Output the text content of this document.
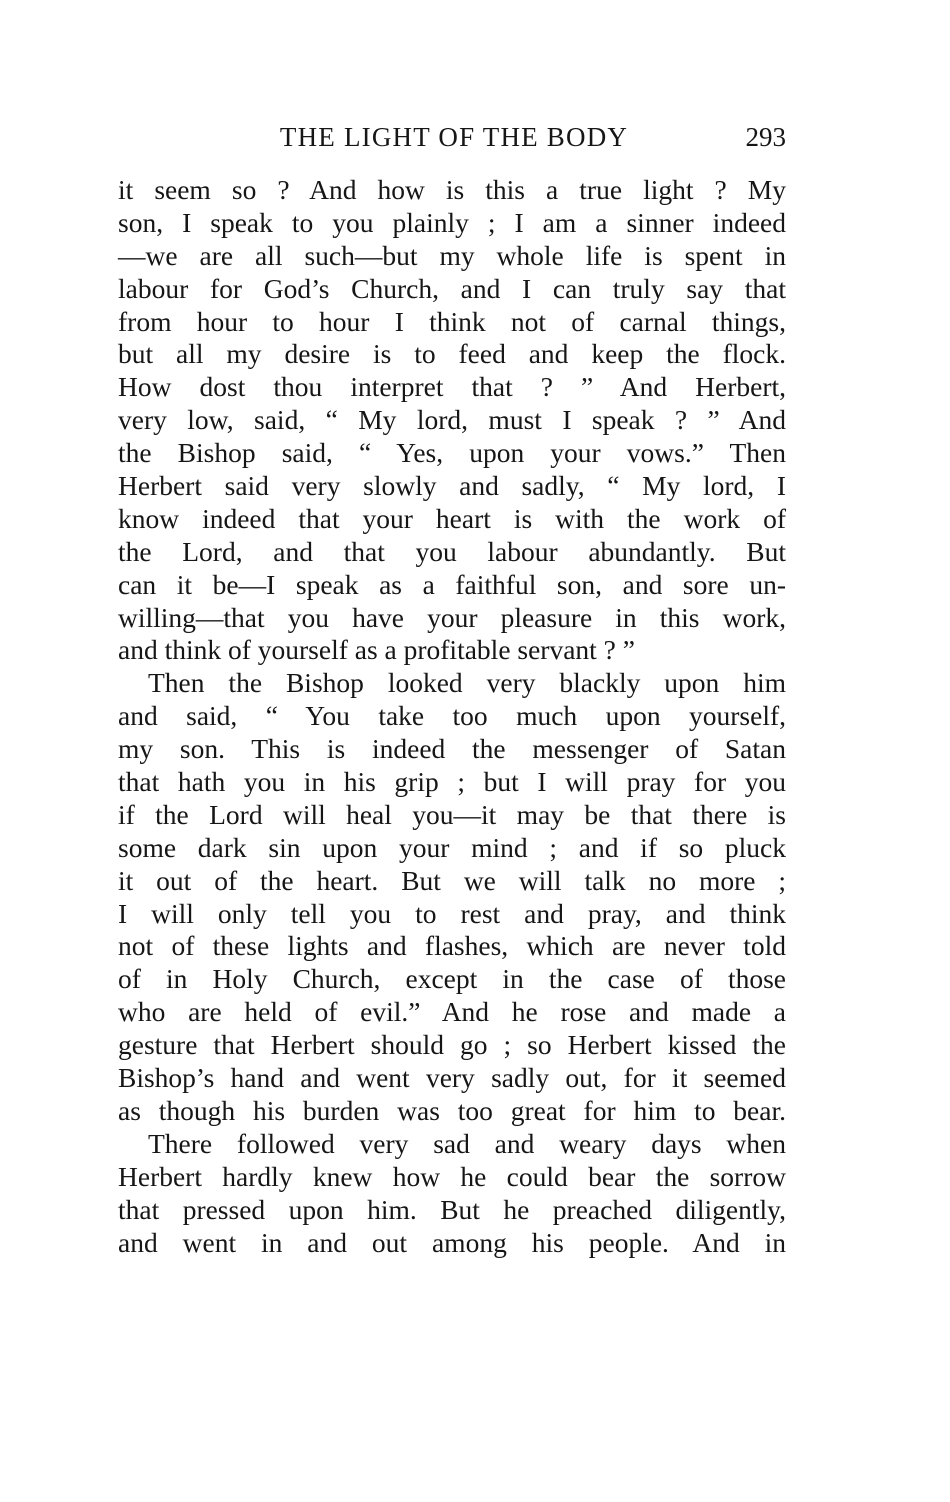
THE LIGHT OF THE BODY	293
it seem so ? And how is this a true light ? My
son, I speak to you plainly ; I am a sinner indeed
—we are all such—but my whole life is spent in
labour for God’s Church, and I can truly say that
from hour to hour I think not of carnal things,
but all my desire is to feed and keep the flock.
How dost thou interpret that ? ” And Herbert,
very low, said, “ My lord, must I speak ? ” And
the Bishop said, “ Yes, upon your vows.” Then
Herbert said very slowly and sadly, “ My lord, I
know indeed that your heart is with the work of
the Lord, and that you labour abundantly. But
can it be—I speak as a faithful son, and sore un-
willing—that you have your pleasure in this work,
and think of yourself as a profitable servant ? ”
Then the Bishop looked very blackly upon him
and said, “ You take too much upon yourself,
my son. This is indeed the messenger of Satan
that hath you in his grip ; but I will pray for you
if the Lord will heal you—it may be that there is
some dark sin upon your mind ; and if so pluck
it out of the heart. But we will talk no more ;
I will only tell you to rest and pray, and think
not of these lights and flashes, which are never told
of in Holy Church, except in the case of those
who are held of evil.” And he rose and made a
gesture that Herbert should go ; so Herbert kissed the
Bishop’s hand and went very sadly out, for it seemed
as though his burden was too great for him to bear.
There followed very sad and weary days when
Herbert hardly knew how he could bear the sorrow
that pressed upon him. But he preached diligently,
and went in and out among his people. And in
